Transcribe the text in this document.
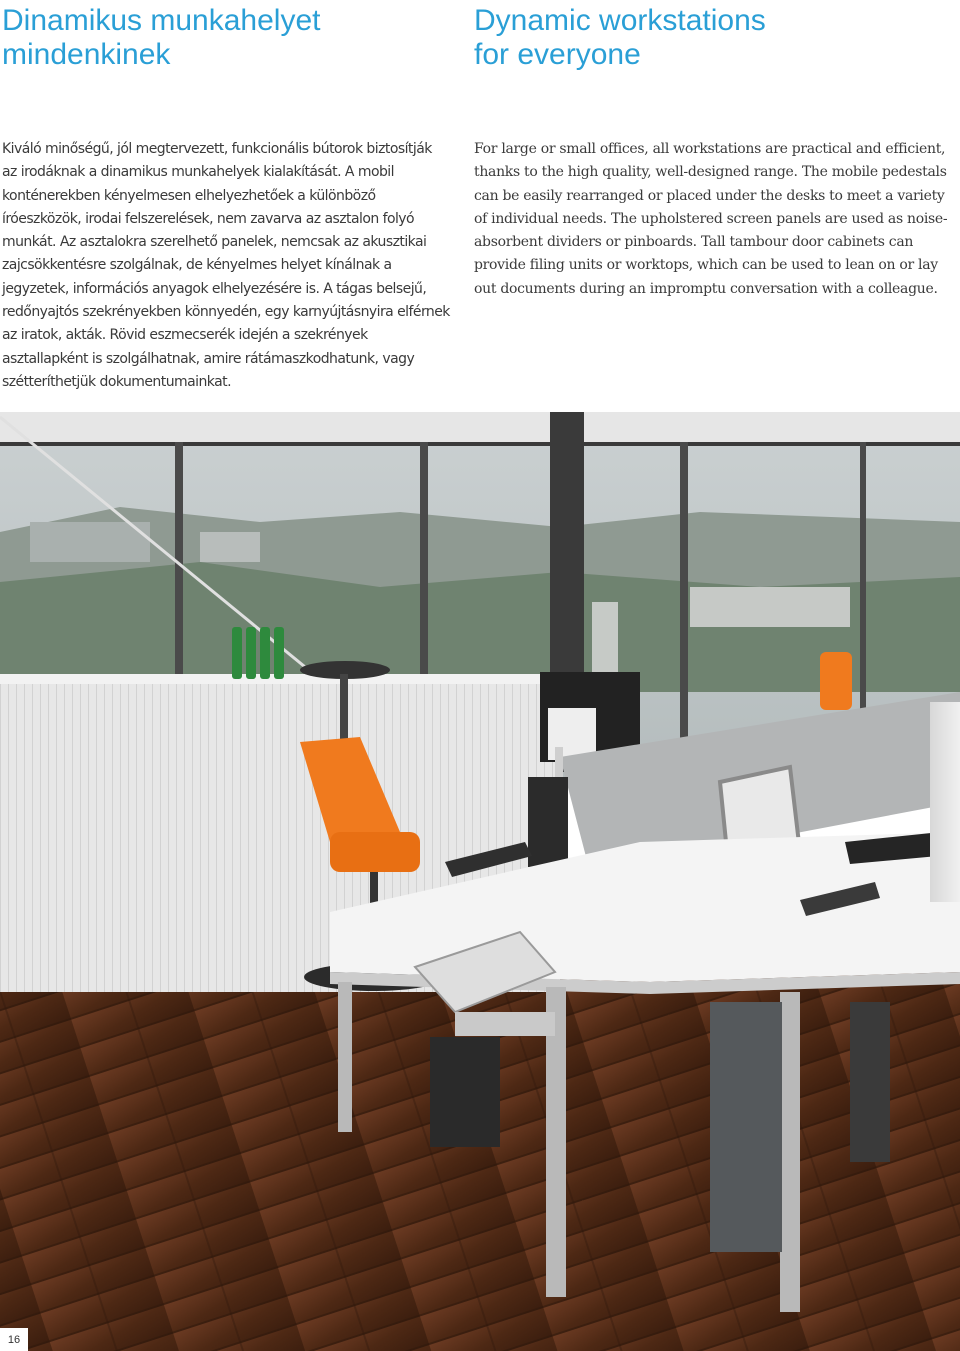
Dinamikus munkahelyet
mindenkinek
Dynamic workstations
for everyone

Kiváló minőségű, jól megtervezett, funkcionális bútorok biztosítják az irodáknak a dinamikus munkahelyek kialakítását. A mobil konténerekben kényelmesen elhelyezhetőek a különböző íróeszközök, irodai felszerelések, nem zavarva az asztalon folyó munkát. Az asztalokra szerelhető panelek, nemcsak az akusztikai zajcsökkentésre szolgálnak, de kényelmes helyet kínálnak a jegyzetek, információs anyagok elhelyezésére is. A tágas belsejű, redőnyajtós szekrényekben könnyedén, egy karnyújtásnyira elférnek az iratok, akták. Rövid eszmecserék idején a szekrények asztallapként is szolgálhatnak, amire rátámaszkodhatunk, vagy szétteríthetjük dokumentumainkat.

For large or small offices, all workstations are practical and efficient, thanks to the high quality, well-designed range. The mobile pedestals can be easily rearranged or placed under the desks to meet a variety of individual needs. The upholstered screen panels are used as noise-absorbent dividers or pinboards. Tall tambour door cabinets can provide filing units or worktops, which can be used to lean on or lay out documents during an impromptu conversation with a colleague.

16
